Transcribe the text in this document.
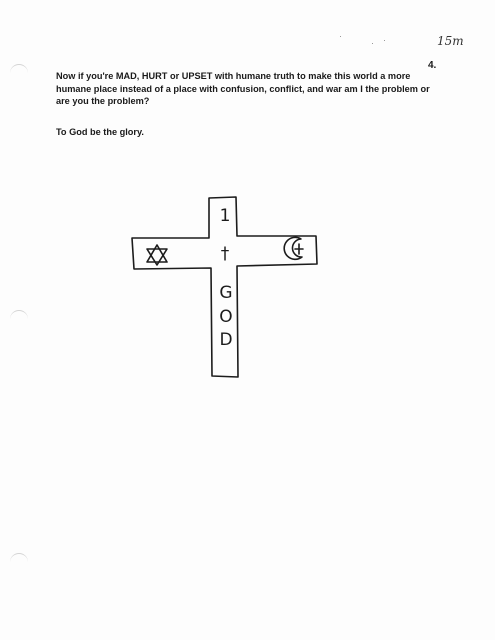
15m
4.

Now if you're MAD, HURT or UPSET with humane truth to make this world a more humane place instead of a place with confusion, conflict, and war am I the problem or are you the problem?

To God be the glory.

1
†
G
O
D
